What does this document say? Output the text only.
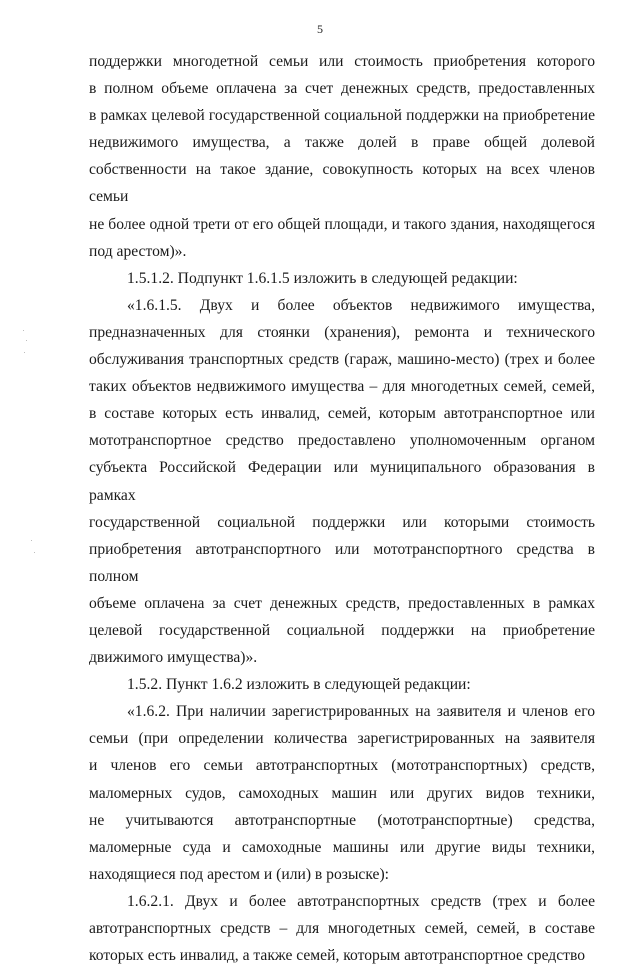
5

поддержки многодетной семьи или стоимость приобретения которого

в полном объеме оплачена за счет денежных средств, предоставленных

в рамках целевой государственной социальной поддержки на приобретение

недвижимого имущества, а также долей в праве общей долевой

собственности на такое здание, совокупность которых на всех членов семьи

не более одной трети от его общей площади, и такого здания, находящегося

под арестом)».

1.5.1.2. Подпункт 1.6.1.5 изложить в следующей редакции:

«1.6.1.5. Двух и более объектов недвижимого имущества,

предназначенных для стоянки (хранения), ремонта и технического

обслуживания транспортных средств (гараж, машино-место) (трех и более

таких объектов недвижимого имущества – для многодетных семей, семей,

в составе которых есть инвалид, семей, которым автотранспортное или

мототранспортное средство предоставлено уполномоченным органом

субъекта Российской Федерации или муниципального образования в рамках

государственной социальной поддержки или которыми стоимость

приобретения автотранспортного или мототранспортного средства в полном

объеме оплачена за счет денежных средств, предоставленных в рамках

целевой государственной социальной поддержки на приобретение

движимого имущества)».

1.5.2. Пункт 1.6.2 изложить в следующей редакции:

«1.6.2. При наличии зарегистрированных на заявителя и членов его

семьи (при определении количества зарегистрированных на заявителя

и членов его семьи автотранспортных (мототранспортных) средств,

маломерных судов, самоходных машин или других видов техники,

не учитываются автотранспортные (мототранспортные) средства,

маломерные суда и самоходные машины или другие виды техники,

находящиеся под арестом и (или) в розыске):

1.6.2.1. Двух и более автотранспортных средств (трех и более

автотранспортных средств – для многодетных семей, семей, в составе

которых есть инвалид, а также семей, которым автотранспортное средство
